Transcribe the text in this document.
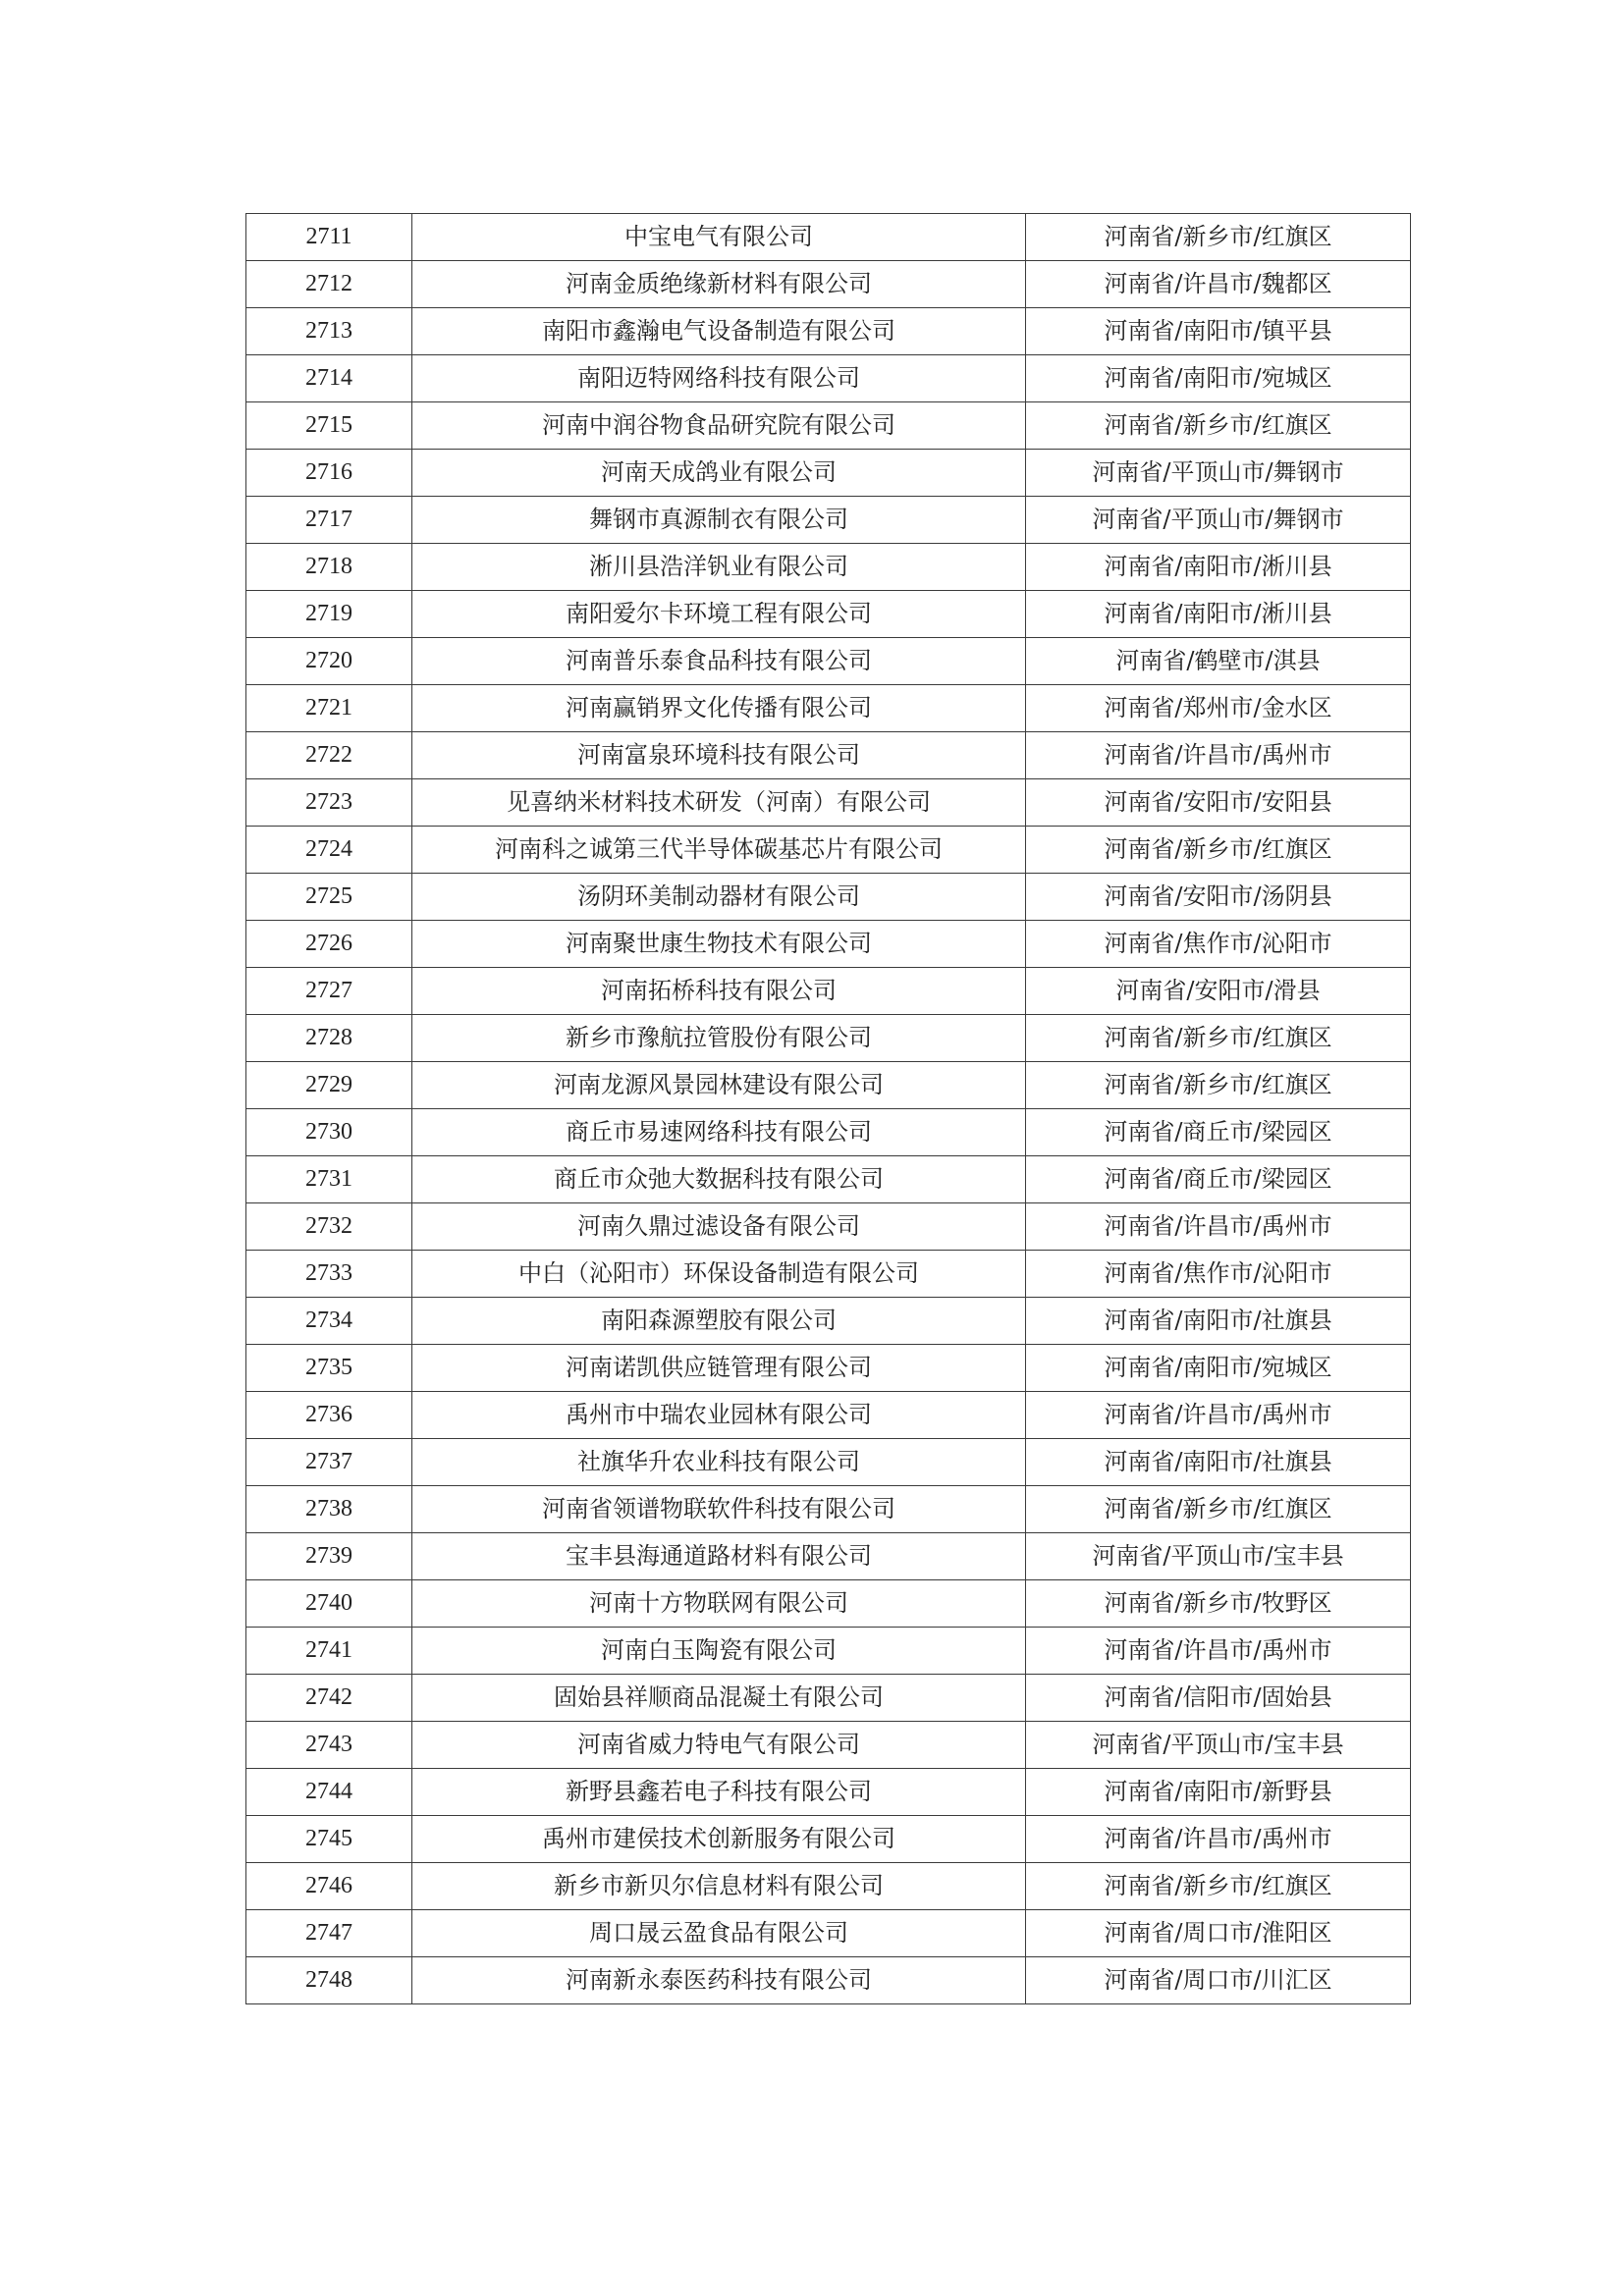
2711	中宝电气有限公司	河南省/新乡市/红旗区
2712	河南金质绝缘新材料有限公司	河南省/许昌市/魏都区
2713	南阳市鑫瀚电气设备制造有限公司	河南省/南阳市/镇平县
2714	南阳迈特网络科技有限公司	河南省/南阳市/宛城区
2715	河南中润谷物食品研究院有限公司	河南省/新乡市/红旗区
2716	河南天成鸽业有限公司	河南省/平顶山市/舞钢市
2717	舞钢市真源制衣有限公司	河南省/平顶山市/舞钢市
2718	淅川县浩洋钒业有限公司	河南省/南阳市/淅川县
2719	南阳爱尔卡环境工程有限公司	河南省/南阳市/淅川县
2720	河南普乐泰食品科技有限公司	河南省/鹤壁市/淇县
2721	河南赢销界文化传播有限公司	河南省/郑州市/金水区
2722	河南富泉环境科技有限公司	河南省/许昌市/禹州市
2723	见喜纳米材料技术研发（河南）有限公司	河南省/安阳市/安阳县
2724	河南科之诚第三代半导体碳基芯片有限公司	河南省/新乡市/红旗区
2725	汤阴环美制动器材有限公司	河南省/安阳市/汤阴县
2726	河南聚世康生物技术有限公司	河南省/焦作市/沁阳市
2727	河南拓桥科技有限公司	河南省/安阳市/滑县
2728	新乡市豫航拉管股份有限公司	河南省/新乡市/红旗区
2729	河南龙源风景园林建设有限公司	河南省/新乡市/红旗区
2730	商丘市易速网络科技有限公司	河南省/商丘市/梁园区
2731	商丘市众弛大数据科技有限公司	河南省/商丘市/梁园区
2732	河南久鼎过滤设备有限公司	河南省/许昌市/禹州市
2733	中白（沁阳市）环保设备制造有限公司	河南省/焦作市/沁阳市
2734	南阳森源塑胶有限公司	河南省/南阳市/社旗县
2735	河南诺凯供应链管理有限公司	河南省/南阳市/宛城区
2736	禹州市中瑞农业园林有限公司	河南省/许昌市/禹州市
2737	社旗华升农业科技有限公司	河南省/南阳市/社旗县
2738	河南省领谱物联软件科技有限公司	河南省/新乡市/红旗区
2739	宝丰县海通道路材料有限公司	河南省/平顶山市/宝丰县
2740	河南十方物联网有限公司	河南省/新乡市/牧野区
2741	河南白玉陶瓷有限公司	河南省/许昌市/禹州市
2742	固始县祥顺商品混凝土有限公司	河南省/信阳市/固始县
2743	河南省威力特电气有限公司	河南省/平顶山市/宝丰县
2744	新野县鑫若电子科技有限公司	河南省/南阳市/新野县
2745	禹州市建侯技术创新服务有限公司	河南省/许昌市/禹州市
2746	新乡市新贝尔信息材料有限公司	河南省/新乡市/红旗区
2747	周口晟云盈食品有限公司	河南省/周口市/淮阳区
2748	河南新永泰医药科技有限公司	河南省/周口市/川汇区
